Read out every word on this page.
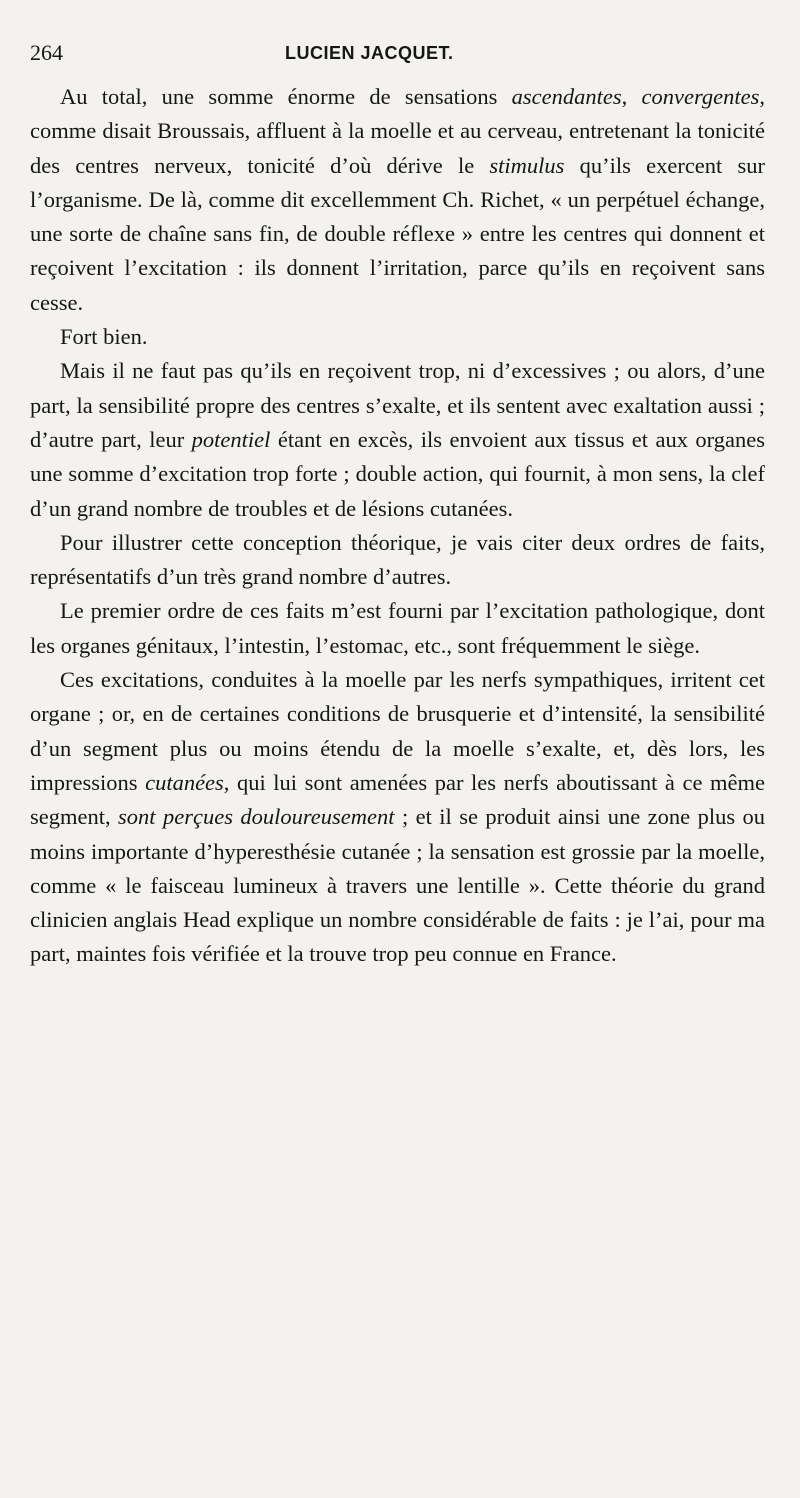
264	LUCIEN JACQUET.

Au total, une somme énorme de sensations ascendantes, convergentes, comme disait Broussais, affluent à la moelle et au cerveau, entretenant la tonicité des centres nerveux, tonicité d’où dérive le stimulus qu’ils exercent sur l’organisme. De là, comme dit excellemment Ch. Richet, « un perpétuel échange, une sorte de chaîne sans fin, de double réflexe » entre les centres qui donnent et reçoivent l’excitation : ils donnent l’irritation, parce qu’ils en reçoivent sans cesse.

Fort bien.

Mais il ne faut pas qu’ils en reçoivent trop, ni d’excessives ; ou alors, d’une part, la sensibilité propre des centres s’exalte, et ils sentent avec exaltation aussi ; d’autre part, leur potentiel étant en excès, ils envoient aux tissus et aux organes une somme d’excitation trop forte ; double action, qui fournit, à mon sens, la clef d’un grand nombre de troubles et de lésions cutanées.

Pour illustrer cette conception théorique, je vais citer deux ordres de faits, représentatifs d’un très grand nombre d’autres.

Le premier ordre de ces faits m’est fourni par l’excitation pathologique, dont les organes génitaux, l’intestin, l’estomac, etc., sont fréquemment le siège.

Ces excitations, conduites à la moelle par les nerfs sympathiques, irritent cet organe ; or, en de certaines conditions de brusquerie et d’intensité, la sensibilité d’un segment plus ou moins étendu de la moelle s’exalte, et, dès lors, les impressions cutanées, qui lui sont amenées par les nerfs aboutissant à ce même segment, sont perçues douloureusement ; et il se produit ainsi une zone plus ou moins importante d’hyperesthésie cutanée ; la sensation est grossie par la moelle, comme « le faisceau lumineux à travers une lentille ». Cette théorie du grand clinicien anglais Head explique un nombre considérable de faits : je l’ai, pour ma part, maintes fois vérifiée et la trouve trop peu connue en France.
